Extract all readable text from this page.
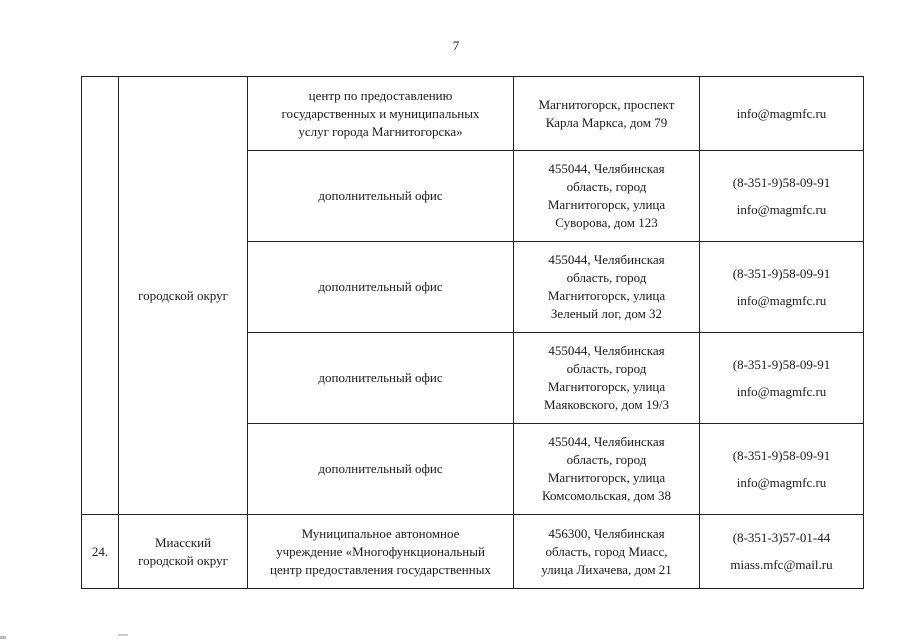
7
	городской округ	центр по предоставлению
государственных и муниципальных
услуг города Магнитогорска»	Магнитогорск, проспект
Карла Маркса, дом 79	info@magmfc.ru

		дополнительный офис	455044, Челябинская
область, город
Магнитогорск, улица
Суворова, дом 123	(8-351-9)58-09-91
info@magmfc.ru

		дополнительный офис	455044, Челябинская
область, город
Магнитогорск, улица
Зеленый лог, дом 32	(8-351-9)58-09-91
info@magmfc.ru

		дополнительный офис	455044, Челябинская
область, город
Магнитогорск, улица
Маяковского, дом 19/3	(8-351-9)58-09-91
info@magmfc.ru

		дополнительный офис	455044, Челябинская
область, город
Магнитогорск, улица
Комсомольская, дом 38	(8-351-9)58-09-91
info@magmfc.ru

24.	Миасский
городской округ	Муниципальное автономное
учреждение «Многофункциональный
центр предоставления государственных	456300, Челябинская
область, город Миасс,
улица Лихачева, дом 21	(8-351-3)57-01-44
miass.mfc@mail.ru
